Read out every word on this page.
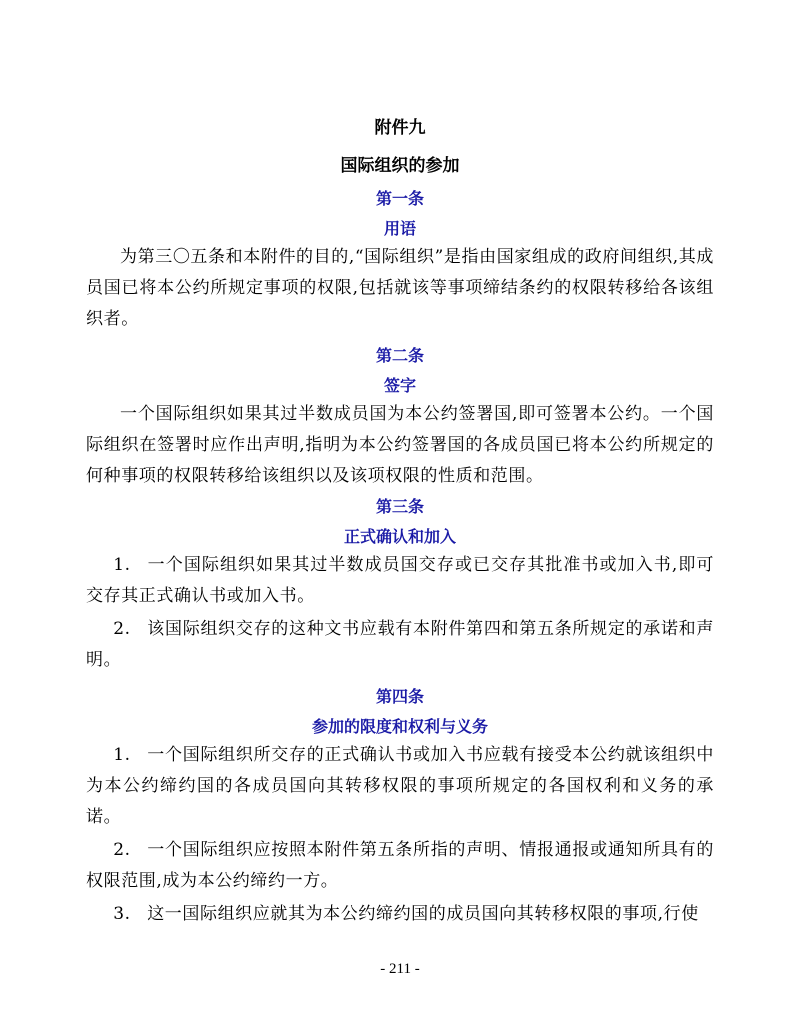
附件九

国际组织的参加

第一条

用语

为第三〇五条和本附件的目的,“国际组织”是指由国家组成的政府间组织,其成员国已将本公约所规定事项的权限,包括就该等事项缔结条约的权限转移给各该组织者。

第二条

签字

一个国际组织如果其过半数成员国为本公约签署国,即可签署本公约。一个国际组织在签署时应作出声明,指明为本公约签署国的各成员国已将本公约所规定的何种事项的权限转移给该组织以及该项权限的性质和范围。

第三条

正式确认和加入

1. 一个国际组织如果其过半数成员国交存或已交存其批准书或加入书,即可交存其正式确认书或加入书。

2. 该国际组织交存的这种文书应载有本附件第四和第五条所规定的承诺和声明。

第四条

参加的限度和权利与义务

1. 一个国际组织所交存的正式确认书或加入书应载有接受本公约就该组织中为本公约缔约国的各成员国向其转移权限的事项所规定的各国权利和义务的承诺。

2. 一个国际组织应按照本附件第五条所指的声明、情报通报或通知所具有的权限范围,成为本公约缔约一方。

3. 这一国际组织应就其为本公约缔约国的成员国向其转移权限的事项,行使

- 211 -
